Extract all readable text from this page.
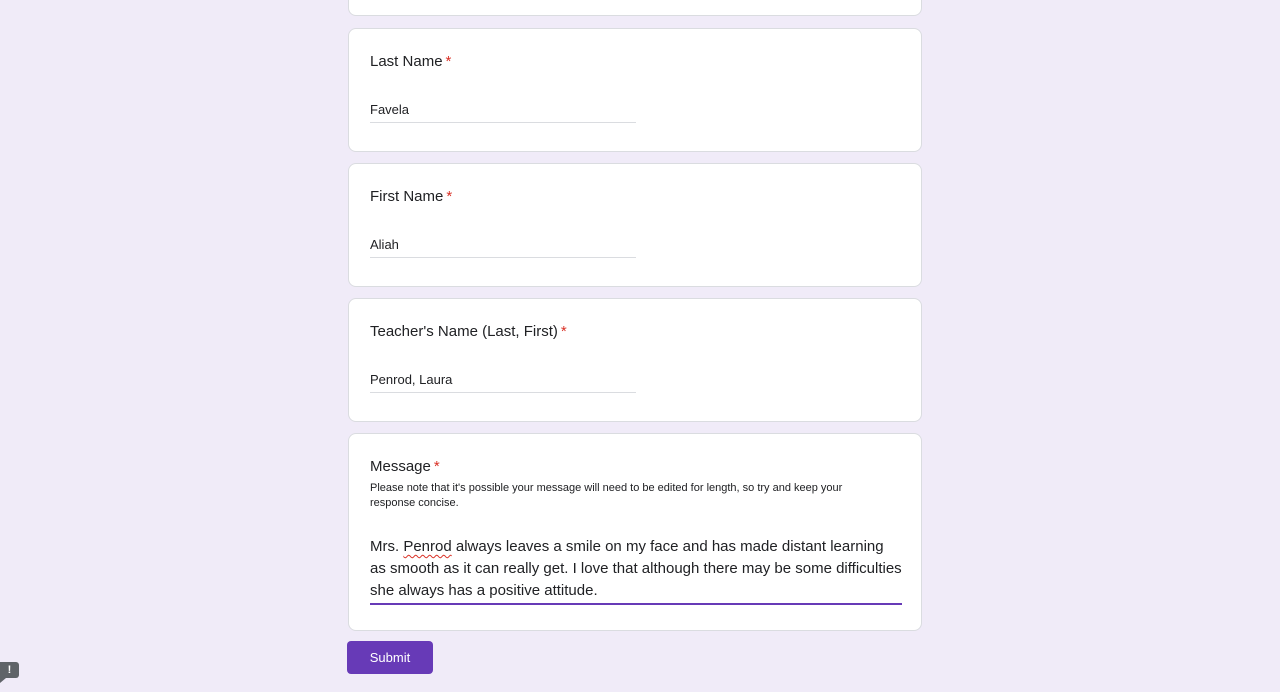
Last Name *
Favela
First Name *
Aliah
Teacher's Name (Last, First) *
Penrod, Laura
Message *
Please note that it's possible your message will need to be edited for length, so try and keep your response concise.
Mrs. Penrod always leaves a smile on my face and has made distant learning as smooth as it can really get. I love that although there may be some difficulties she always has a positive attitude.
Submit
!
